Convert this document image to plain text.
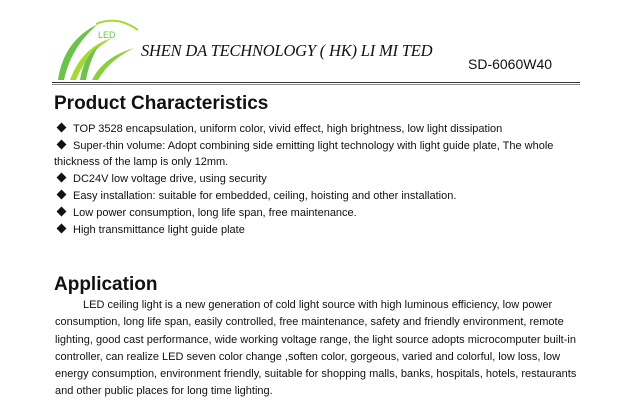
LED
SHEN DA TECHNOLOGY ( HK) LI MI TED
SD-6060W40
Product Characteristics
TOP 3528 encapsulation, uniform color, vivid effect, high brightness, low light dissipation
Super-thin volume: Adopt combining side emitting light technology with light guide plate, The whole
thickness of the lamp is only 12mm.
DC24V low voltage drive, using security
Easy installation: suitable for embedded, ceiling, hoisting and other installation.
Low power consumption, long life span, free maintenance.
High transmittance light guide plate
Application

LED ceiling light is a new generation of cold light source with high luminous efficiency, low power consumption, long life span, easily controlled, free maintenance, safety and friendly environment, remote lighting, good cast performance, wide working voltage range, the light source adopts microcomputer built-in controller, can realize LED seven color change ,soften color, gorgeous, varied and colorful, low loss, low energy consumption, environment friendly, suitable for shopping malls, banks, hospitals, hotels, restaurants and other public places for long time lighting.
